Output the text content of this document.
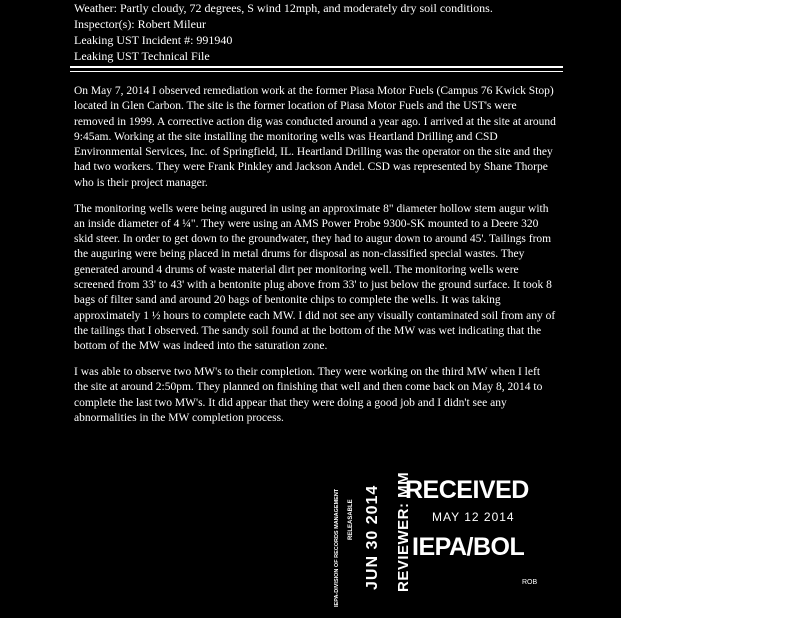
Weather: Partly cloudy, 72 degrees, S wind 12mph, and moderately dry soil conditions.
Inspector(s): Robert Mileur
Leaking UST Incident #: 991940
Leaking UST Technical File

On May 7, 2014 I observed remediation work at the former Piasa Motor Fuels (Campus 76 Kwick Stop) located in Glen Carbon. The site is the former location of Piasa Motor Fuels and the UST's were removed in 1999. A corrective action dig was conducted around a year ago. I arrived at the site at around 9:45am. Working at the site installing the monitoring wells was Heartland Drilling and CSD Environmental Services, Inc. of Springfield, IL. Heartland Drilling was the operator on the site and they had two workers. They were Frank Pinkley and Jackson Andel. CSD was represented by Shane Thorpe who is their project manager.

The monitoring wells were being augured in using an approximate 8" diameter hollow stem augur with an inside diameter of 4 ¼". They were using an AMS Power Probe 9300-SK mounted to a Deere 320 skid steer. In order to get down to the groundwater, they had to augur down to around 45'. Tailings from the auguring were being placed in metal drums for disposal as non-classified special wastes. They generated around 4 drums of waste material dirt per monitoring well. The monitoring wells were screened from 33' to 43' with a bentonite plug above from 33' to just below the ground surface. It took 8 bags of filter sand and around 20 bags of bentonite chips to complete the wells. It was taking approximately 1 ½ hours to complete each MW. I did not see any visually contaminated soil from any of the tailings that I observed. The sandy soil found at the bottom of the MW was wet indicating that the bottom of the MW was indeed into the saturation zone.

I was able to observe two MW's to their completion. They were working on the third MW when I left the site at around 2:50pm. They planned on finishing that well and then come back on May 8, 2014 to complete the last two MW's. It did appear that they were doing a good job and I didn't see any abnormalities in the MW completion process.

IEPA-DIVISION OF RECORDS MANAGEMENT RELEASABLE JUN 30 2014 REVIEWER: MM
RECEIVED
MAY 12 2014
IEPA/BOL
ROB
